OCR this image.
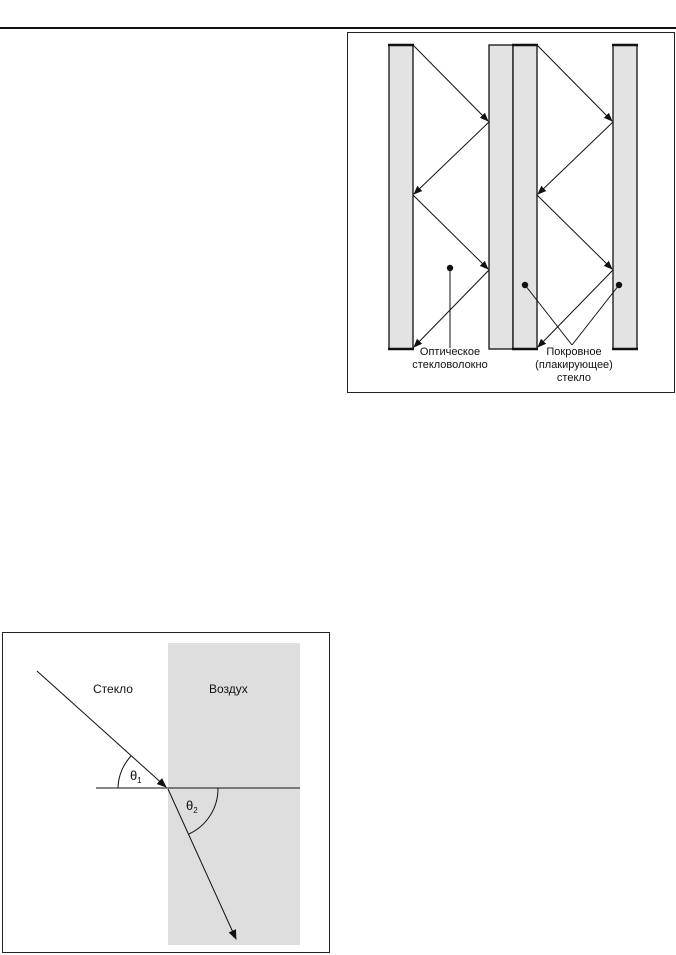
Оптическое
стекловолокно
Покровное
(плакирующее)
стекло
Стекло	Воздух
$\theta_1$
$\theta_2$
